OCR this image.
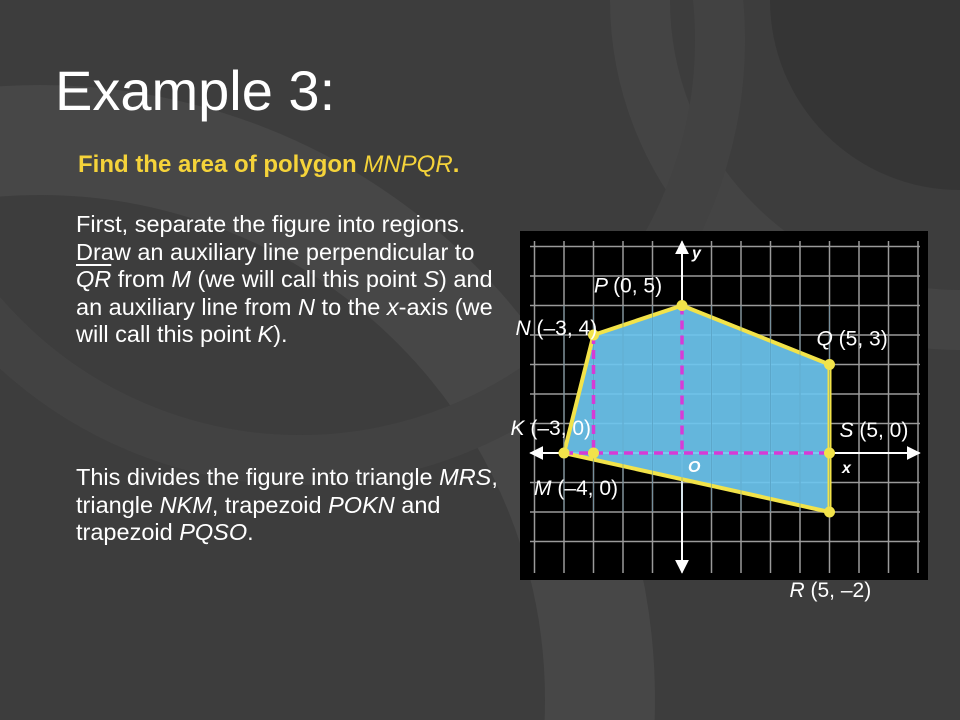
Example 3:

Find the area of polygon MNPQR.

First, separate the figure into regions. Draw an auxiliary line perpendicular to $\overline{QR}$ from M (we will call this point S) and an auxiliary line from N to the x-axis (we will call this point K).

This divides the figure into triangle MRS, triangle NKM, trapezoid POKN and trapezoid PQSO.

y
x
O
P (0, 5)
N (–3, 4)	Q (5, 3)
K (–3, 0)	S (5, 0)
M (–4, 0)
R (5, –2)
